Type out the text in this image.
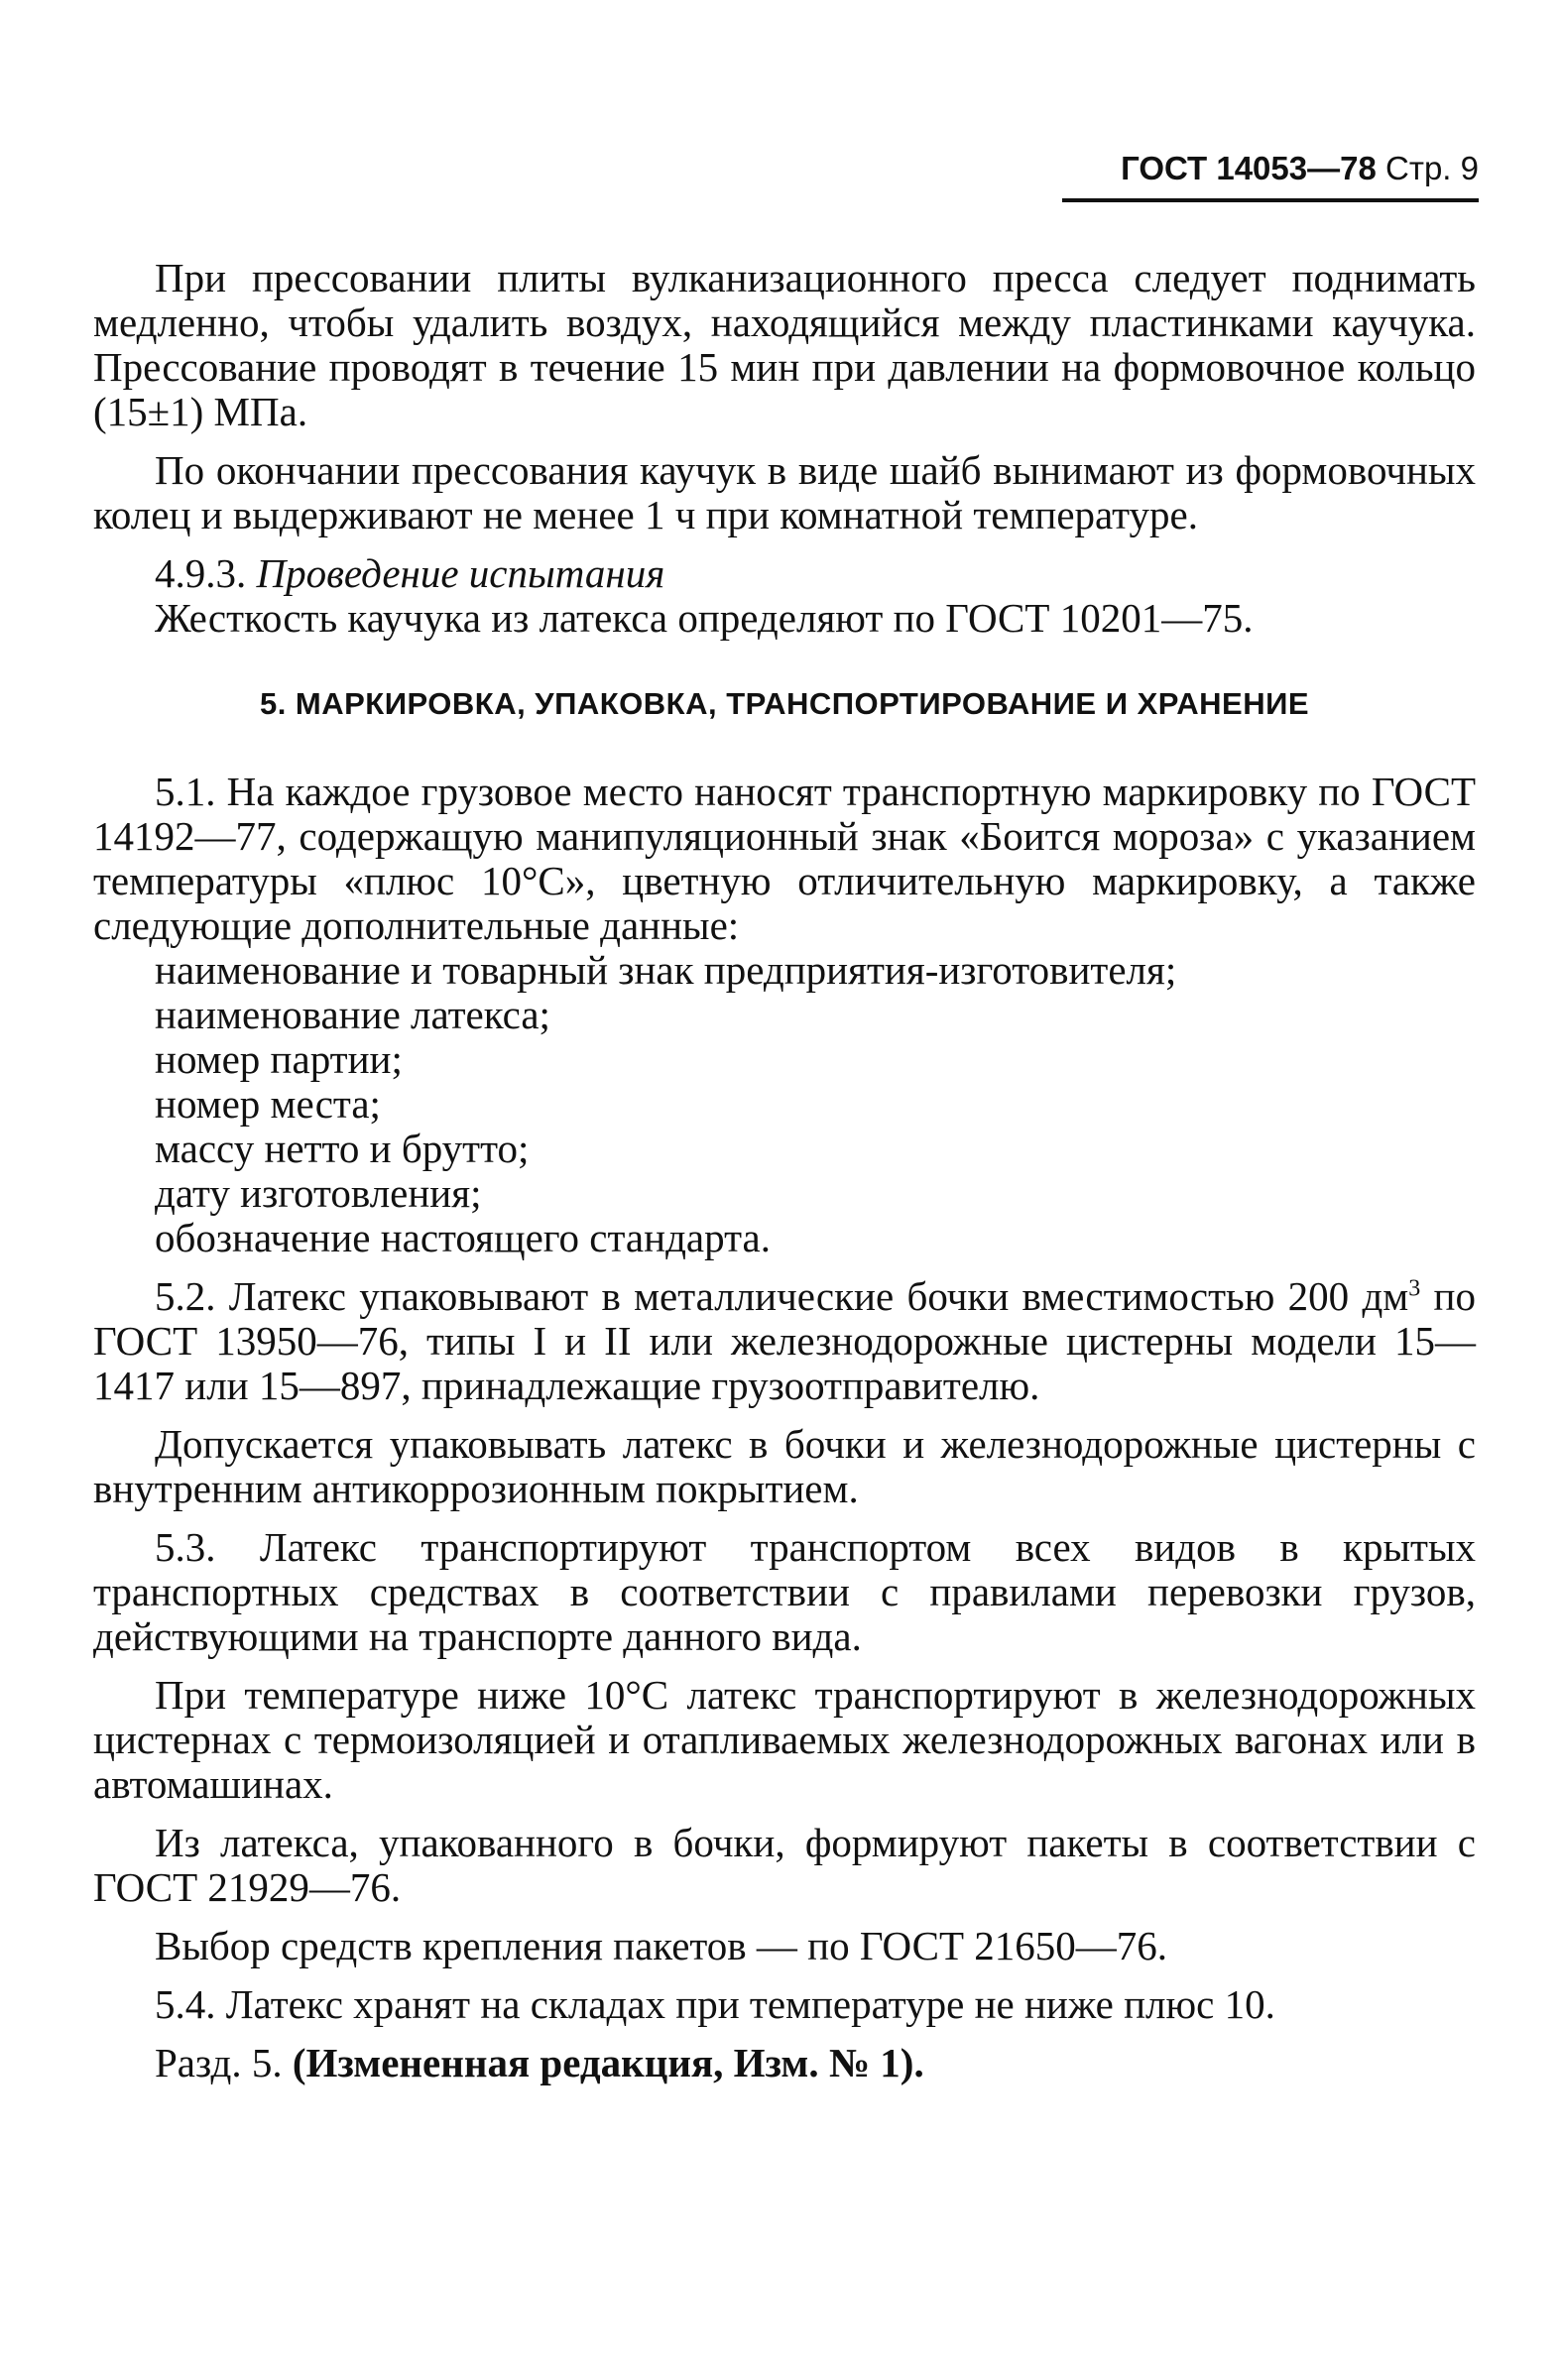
ГОСТ 14053—78 Стр. 9

При прессовании плиты вулканизационного пресса следует поднимать медленно, чтобы удалить воздух, находящийся между пластинками каучука. Прессование проводят в течение 15 мин при давлении на формовочное кольцо (15±1) МПа.

По окончании прессования каучук в виде шайб вынимают из формовочных колец и выдерживают не менее 1 ч при комнатной температуре.

4.9.3. Проведение испытания

Жесткость каучука из латекса определяют по ГОСТ 10201—75.

5. МАРКИРОВКА, УПАКОВКА, ТРАНСПОРТИРОВАНИЕ И ХРАНЕНИЕ

5.1. На каждое грузовое место наносят транспортную маркировку по ГОСТ 14192—77, содержащую манипуляционный знак «Боится мороза» с указанием температуры «плюс 10°С», цветную отличительную маркировку, а также следующие дополнительные данные:

наименование и товарный знак предприятия-изготовителя;
наименование латекса;
номер партии;
номер места;
массу нетто и брутто;
дату изготовления;
обозначение настоящего стандарта.

5.2. Латекс упаковывают в металлические бочки вместимостью 200 $дм^3$ по ГОСТ 13950—76, типы I и II или железнодорожные цистерны модели 15—1417 или 15—897, принадлежащие грузоотправителю.

Допускается упаковывать латекс в бочки и железнодорожные цистерны с внутренним антикоррозионным покрытием.

5.3. Латекс транспортируют транспортом всех видов в крытых транспортных средствах в соответствии с правилами перевозки грузов, действующими на транспорте данного вида.

При температуре ниже 10°С латекс транспортируют в железнодорожных цистернах с термоизоляцией и отапливаемых железнодорожных вагонах или в автомашинах.

Из латекса, упакованного в бочки, формируют пакеты в соответствии с ГОСТ 21929—76.

Выбор средств крепления пакетов — по ГОСТ 21650—76.

5.4. Латекс хранят на складах при температуре не ниже плюс 10.

Разд. 5. (Измененная редакция, Изм. № 1).
